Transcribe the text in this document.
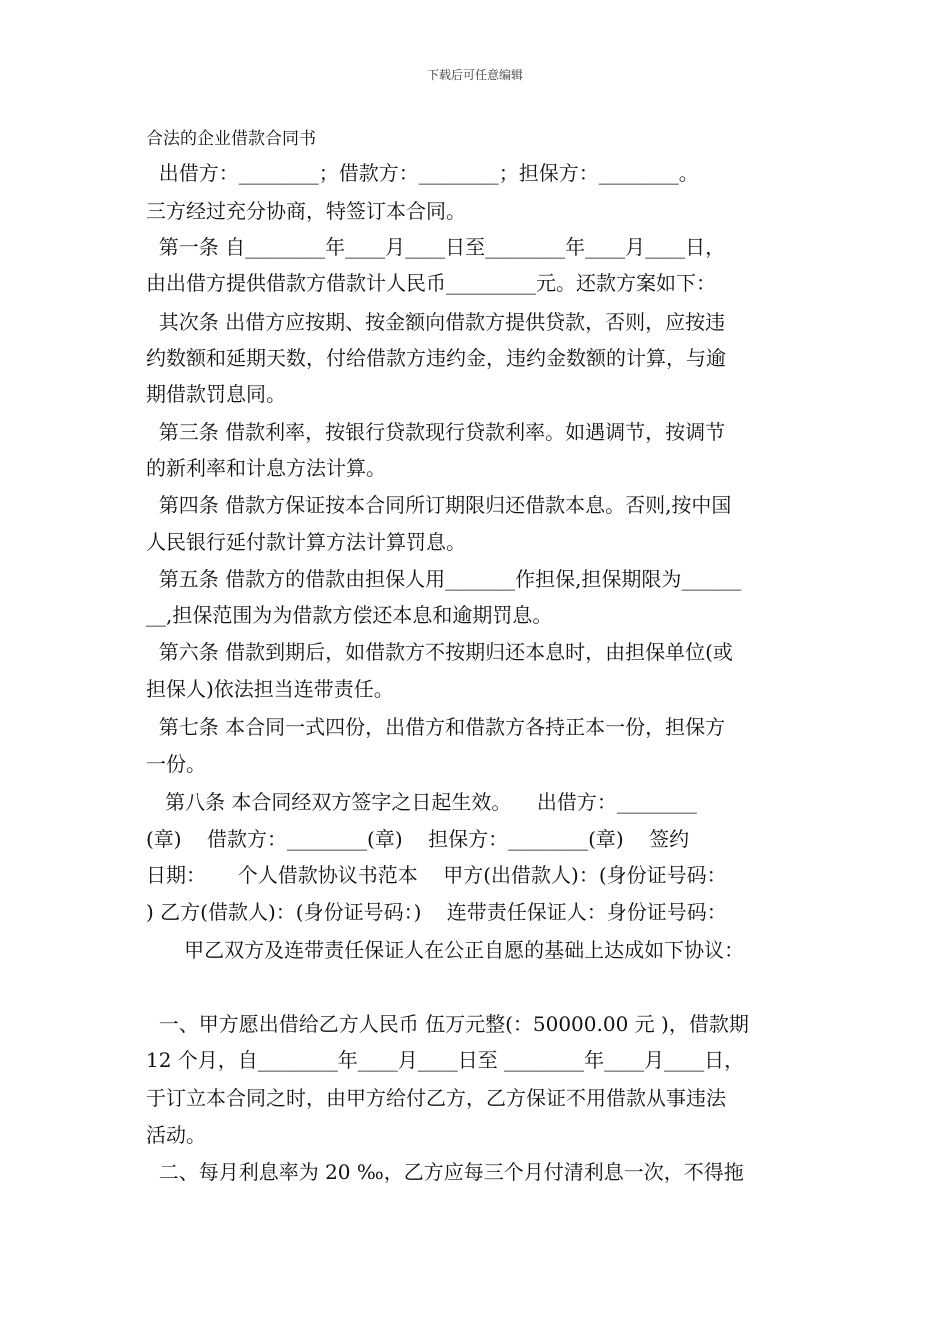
下载后可任意编辑
合法的企业借款合同书
出借方：________；借款方：________；担保方：________。
三方经过充分协商，特签订本合同。
第一条 自________年____月____日至________年____月____日，
由出借方提供借款方借款计人民币_________元。还款方案如下：
其次条 出借方应按期、按金额向借款方提供贷款，否则，应按违
约数额和延期天数，付给借款方违约金，违约金数额的计算，与逾
期借款罚息同。
第三条 借款利率，按银行贷款现行贷款利率。如遇调节，按调节
的新利率和计息方法计算。
第四条 借款方保证按本合同所订期限归还借款本息。否则,按中国
人民银行延付款计算方法计算罚息。
第五条 借款方的借款由担保人用_______作担保,担保期限为______
__,担保范围为为借款方偿还本息和逾期罚息。
第六条 借款到期后，如借款方不按期归还本息时，由担保单位(或
担保人)依法担当连带责任。
第七条 本合同一式四份，出借方和借款方各持正本一份，担保方
一份。
第八条 本合同经双方签字之日起生效。    出借方：________
(章)    借款方：________(章)    担保方：________(章)    签约
日期：     个人借款协议书范本    甲方(出借款人)：(身份证号码：
) 乙方(借款人)：(身份证号码：)    连带责任保证人：身份证号码：
甲乙双方及连带责任保证人在公正自愿的基础上达成如下协议：
一、甲方愿出借给乙方人民币 伍万元整(：50000.00 元 )，借款期
12 个月，自________年____月____日至 ________年____月____日，
于订立本合同之时，由甲方给付乙方，乙方保证不用借款从事违法
活动。
二、每月利息率为 20 ‰，乙方应每三个月付清利息一次，不得拖
